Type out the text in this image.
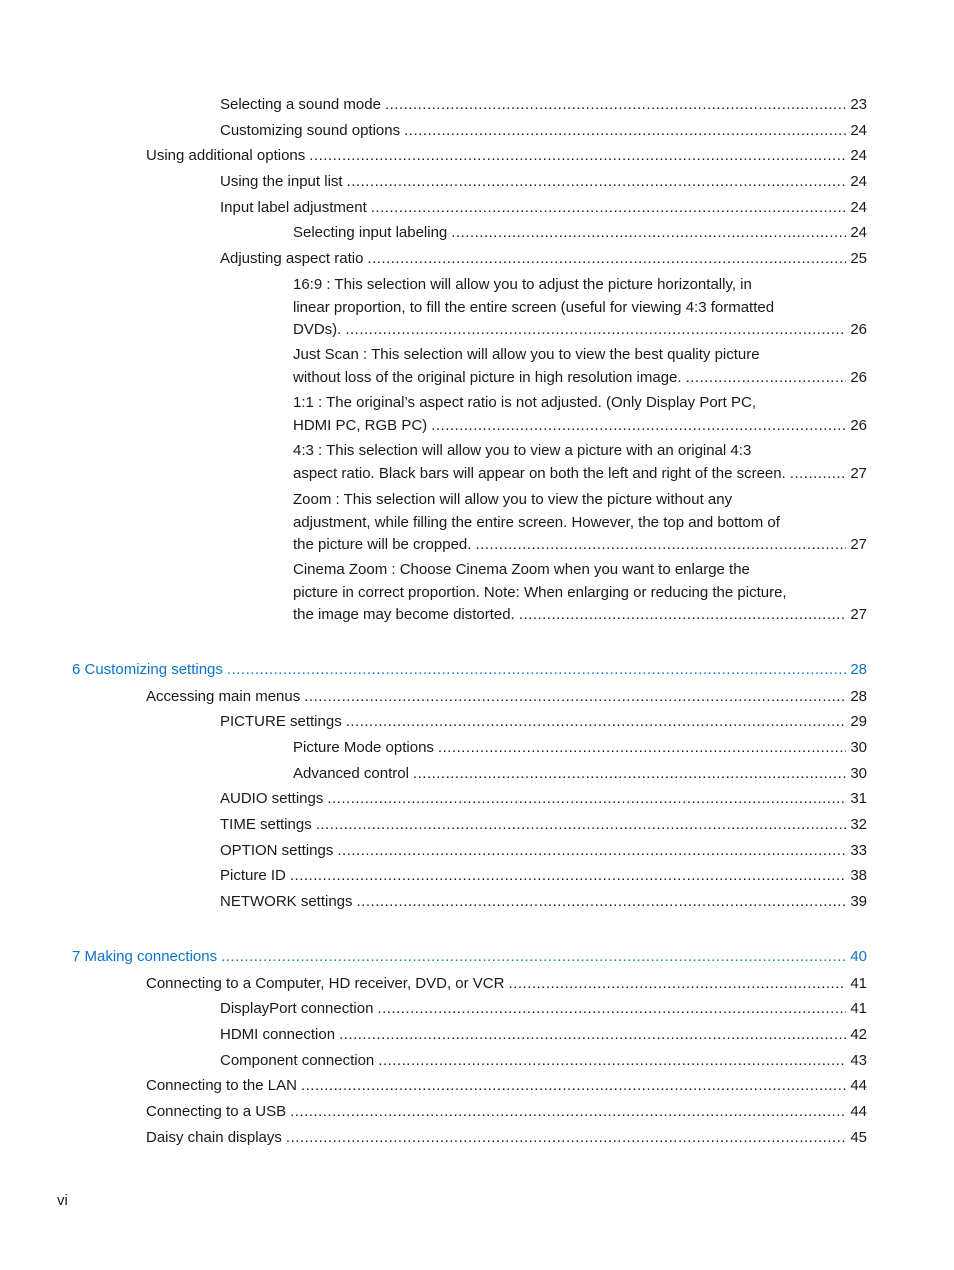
Selecting a sound mode .....	23
Customizing sound options .....	24
Using additional options .....	24
Using the input list .....	24
Input label adjustment .....	24
Selecting input labeling .....	24
Adjusting aspect ratio .....	25
16:9 : This selection will allow you to adjust the picture horizontally, in
linear proportion, to fill the entire screen (useful for viewing 4:3 formatted
DVDs). .....	26
Just Scan : This selection will allow you to view the best quality picture
without loss of the original picture in high resolution image. .....	26
1:1 : The original’s aspect ratio is not adjusted. (Only Display Port PC,
HDMI PC, RGB PC) .....	26
4:3 : This selection will allow you to view a picture with an original 4:3
aspect ratio. Black bars will appear on both the left and right of the screen. .....	27
Zoom : This selection will allow you to view the picture without any
adjustment, while filling the entire screen. However, the top and bottom of
the picture will be cropped. .....	27
Cinema Zoom : Choose Cinema Zoom when you want to enlarge the
picture in correct proportion. Note: When enlarging or reducing the picture,
the image may become distorted. .....	27
6 Customizing settings .....	28
Accessing main menus .....	28
PICTURE settings .....	29
Picture Mode options .....	30
Advanced control .....	30
AUDIO settings .....	31
TIME settings .....	32
OPTION settings .....	33
Picture ID .....	38
NETWORK settings .....	39
7 Making connections .....	40
Connecting to a Computer, HD receiver, DVD, or VCR .....	41
DisplayPort connection .....	41
HDMI connection .....	42
Component connection .....	43
Connecting to the LAN .....	44
Connecting to a USB .....	44
Daisy chain displays .....	45
vi
